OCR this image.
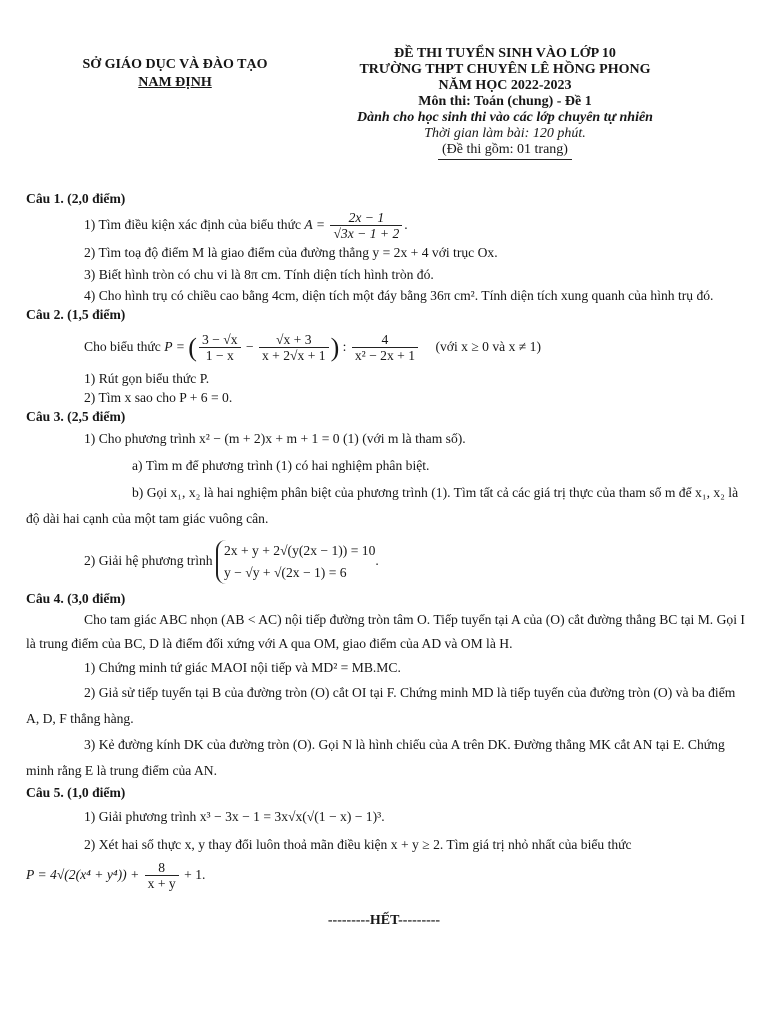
SỞ GIÁO DỤC VÀ ĐÀO TẠO
NAM ĐỊNH
ĐỀ THI TUYỂN SINH VÀO LỚP 10
TRƯỜNG THPT CHUYÊN LÊ HỒNG PHONG
NĂM HỌC 2022-2023
Môn thi: Toán (chung) - Đề 1
Dành cho học sinh thi vào các lớp chuyên tự nhiên
Thời gian làm bài: 120 phút.
(Đề thi gồm: 01 trang)

Câu 1. (2,0 điểm)

1) Tìm điều kiện xác định của biểu thức $A = \frac{2x - 1}{√3x - 1 + 2}$ .

2) Tìm toạ độ điểm M là giao điểm của đường thẳng y = 2x + 4 với trục Ox.

3) Biết hình tròn có chu vi là 8π cm. Tính diện tích hình tròn đó.

4) Cho hình trụ có chiều cao bằng 4cm, diện tích một đáy bằng 36π cm². Tính diện tích xung quanh của hình trụ đó.

Câu 2. (1,5 điểm)

Cho biểu thức P = ( $\frac{3 - √x}{1 - x} - \frac{√x + 3}{x + 2√x + 1}$ ) : $\frac{4}{\text{x² − 2x + 1}}$ (với x ≥ 0 và x ≠ 1)

1) Rút gọn biểu thức P.

2) Tìm x sao cho P + 6 = 0.

Câu 3. (2,5 điểm)

1) Cho phương trình x² − (m + 2)x + m + 1 = 0 (1) (với m là tham số).

a) Tìm m để phương trình (1) có hai nghiệm phân biệt.

b) Gọi x₁, x₂ là hai nghiệm phân biệt của phương trình (1). Tìm tất cả các giá trị thực của tham số m để x₁, x₂ là độ dài hai cạnh của một tam giác vuông cân.

2) Giải hệ phương trình
2x + y + 2√(y(2x − 1)) = 10
y − √y + √(2x − 1) = 6
.

Câu 4. (3,0 điểm)

Cho tam giác ABC nhọn (AB < AC) nội tiếp đường tròn tâm O. Tiếp tuyến tại A của (O) cắt đường thẳng BC tại M. Gọi I là trung điểm của BC, D là điểm đối xứng với A qua OM, giao điểm của AD và OM là H.

1) Chứng minh tứ giác MAOI nội tiếp và MD² = MB.MC.

2) Giả sử tiếp tuyến tại B của đường tròn (O) cắt OI tại F. Chứng minh MD là tiếp tuyến của đường tròn (O) và ba điểm A, D, F thẳng hàng.

3) Kẻ đường kính DK của đường tròn (O). Gọi N là hình chiếu của A trên DK. Đường thẳng MK cắt AN tại E. Chứng minh rằng E là trung điểm của AN.

Câu 5. (1,0 điểm)

1) Giải phương trình x³ − 3x − 1 = 3x√x(√(1 − x) − 1)³.

2) Xét hai số thực x, y thay đổi luôn thoả mãn điều kiện x + y ≥ 2. Tìm giá trị nhỏ nhất của biểu thức

$P = 4√(2(x^4 + y^4)) + \frac{8}{x + y} + 1$.

---------HẾT---------
